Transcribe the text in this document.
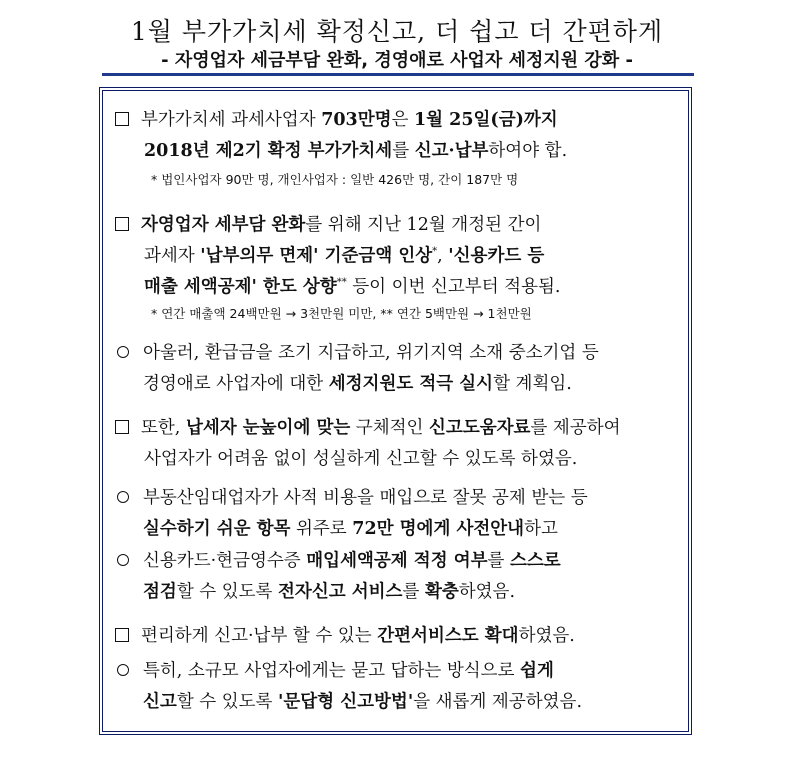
1월 부가가치세 확정신고, 더 쉽고 더 간편하게
- 자영업자 세금부담 완화, 경영애로 사업자 세정지원 강화 -
부가가치세 과세사업자 703만명은 1월 25일(금)까지
2018년 제2기 확정 부가가치세를 신고·납부하여야 합.
* 법인사업자 90만 명, 개인사업자 : 일반 426만 명, 간이 187만 명
자영업자 세부담 완화를 위해 지난 12월 개정된 간이
과세자 '납부의무 면제' 기준금액 인상*, '신용카드 등
매출 세액공제' 한도 상향** 등이 이번 신고부터 적용됨.
* 연간 매출액 24백만원 → 3천만원 미만, ** 연간 5백만원 → 1천만원
아울러, 환급금을 조기 지급하고, 위기지역 소재 중소기업 등
경영애로 사업자에 대한 세정지원도 적극 실시할 계획임.
또한, 납세자 눈높이에 맞는 구체적인 신고도움자료를 제공하여
사업자가 어려움 없이 성실하게 신고할 수 있도록 하였음.
부동산임대업자가 사적 비용을 매입으로 잘못 공제 받는 등
실수하기 쉬운 항목 위주로 72만 명에게 사전안내하고
신용카드·현금영수증 매입세액공제 적정 여부를 스스로
점검할 수 있도록 전자신고 서비스를 확충하였음.
편리하게 신고·납부 할 수 있는 간편서비스도 확대하였음.
특히, 소규모 사업자에게는 묻고 답하는 방식으로 쉽게
신고할 수 있도록 '문답형 신고방법'을 새롭게 제공하였음.
